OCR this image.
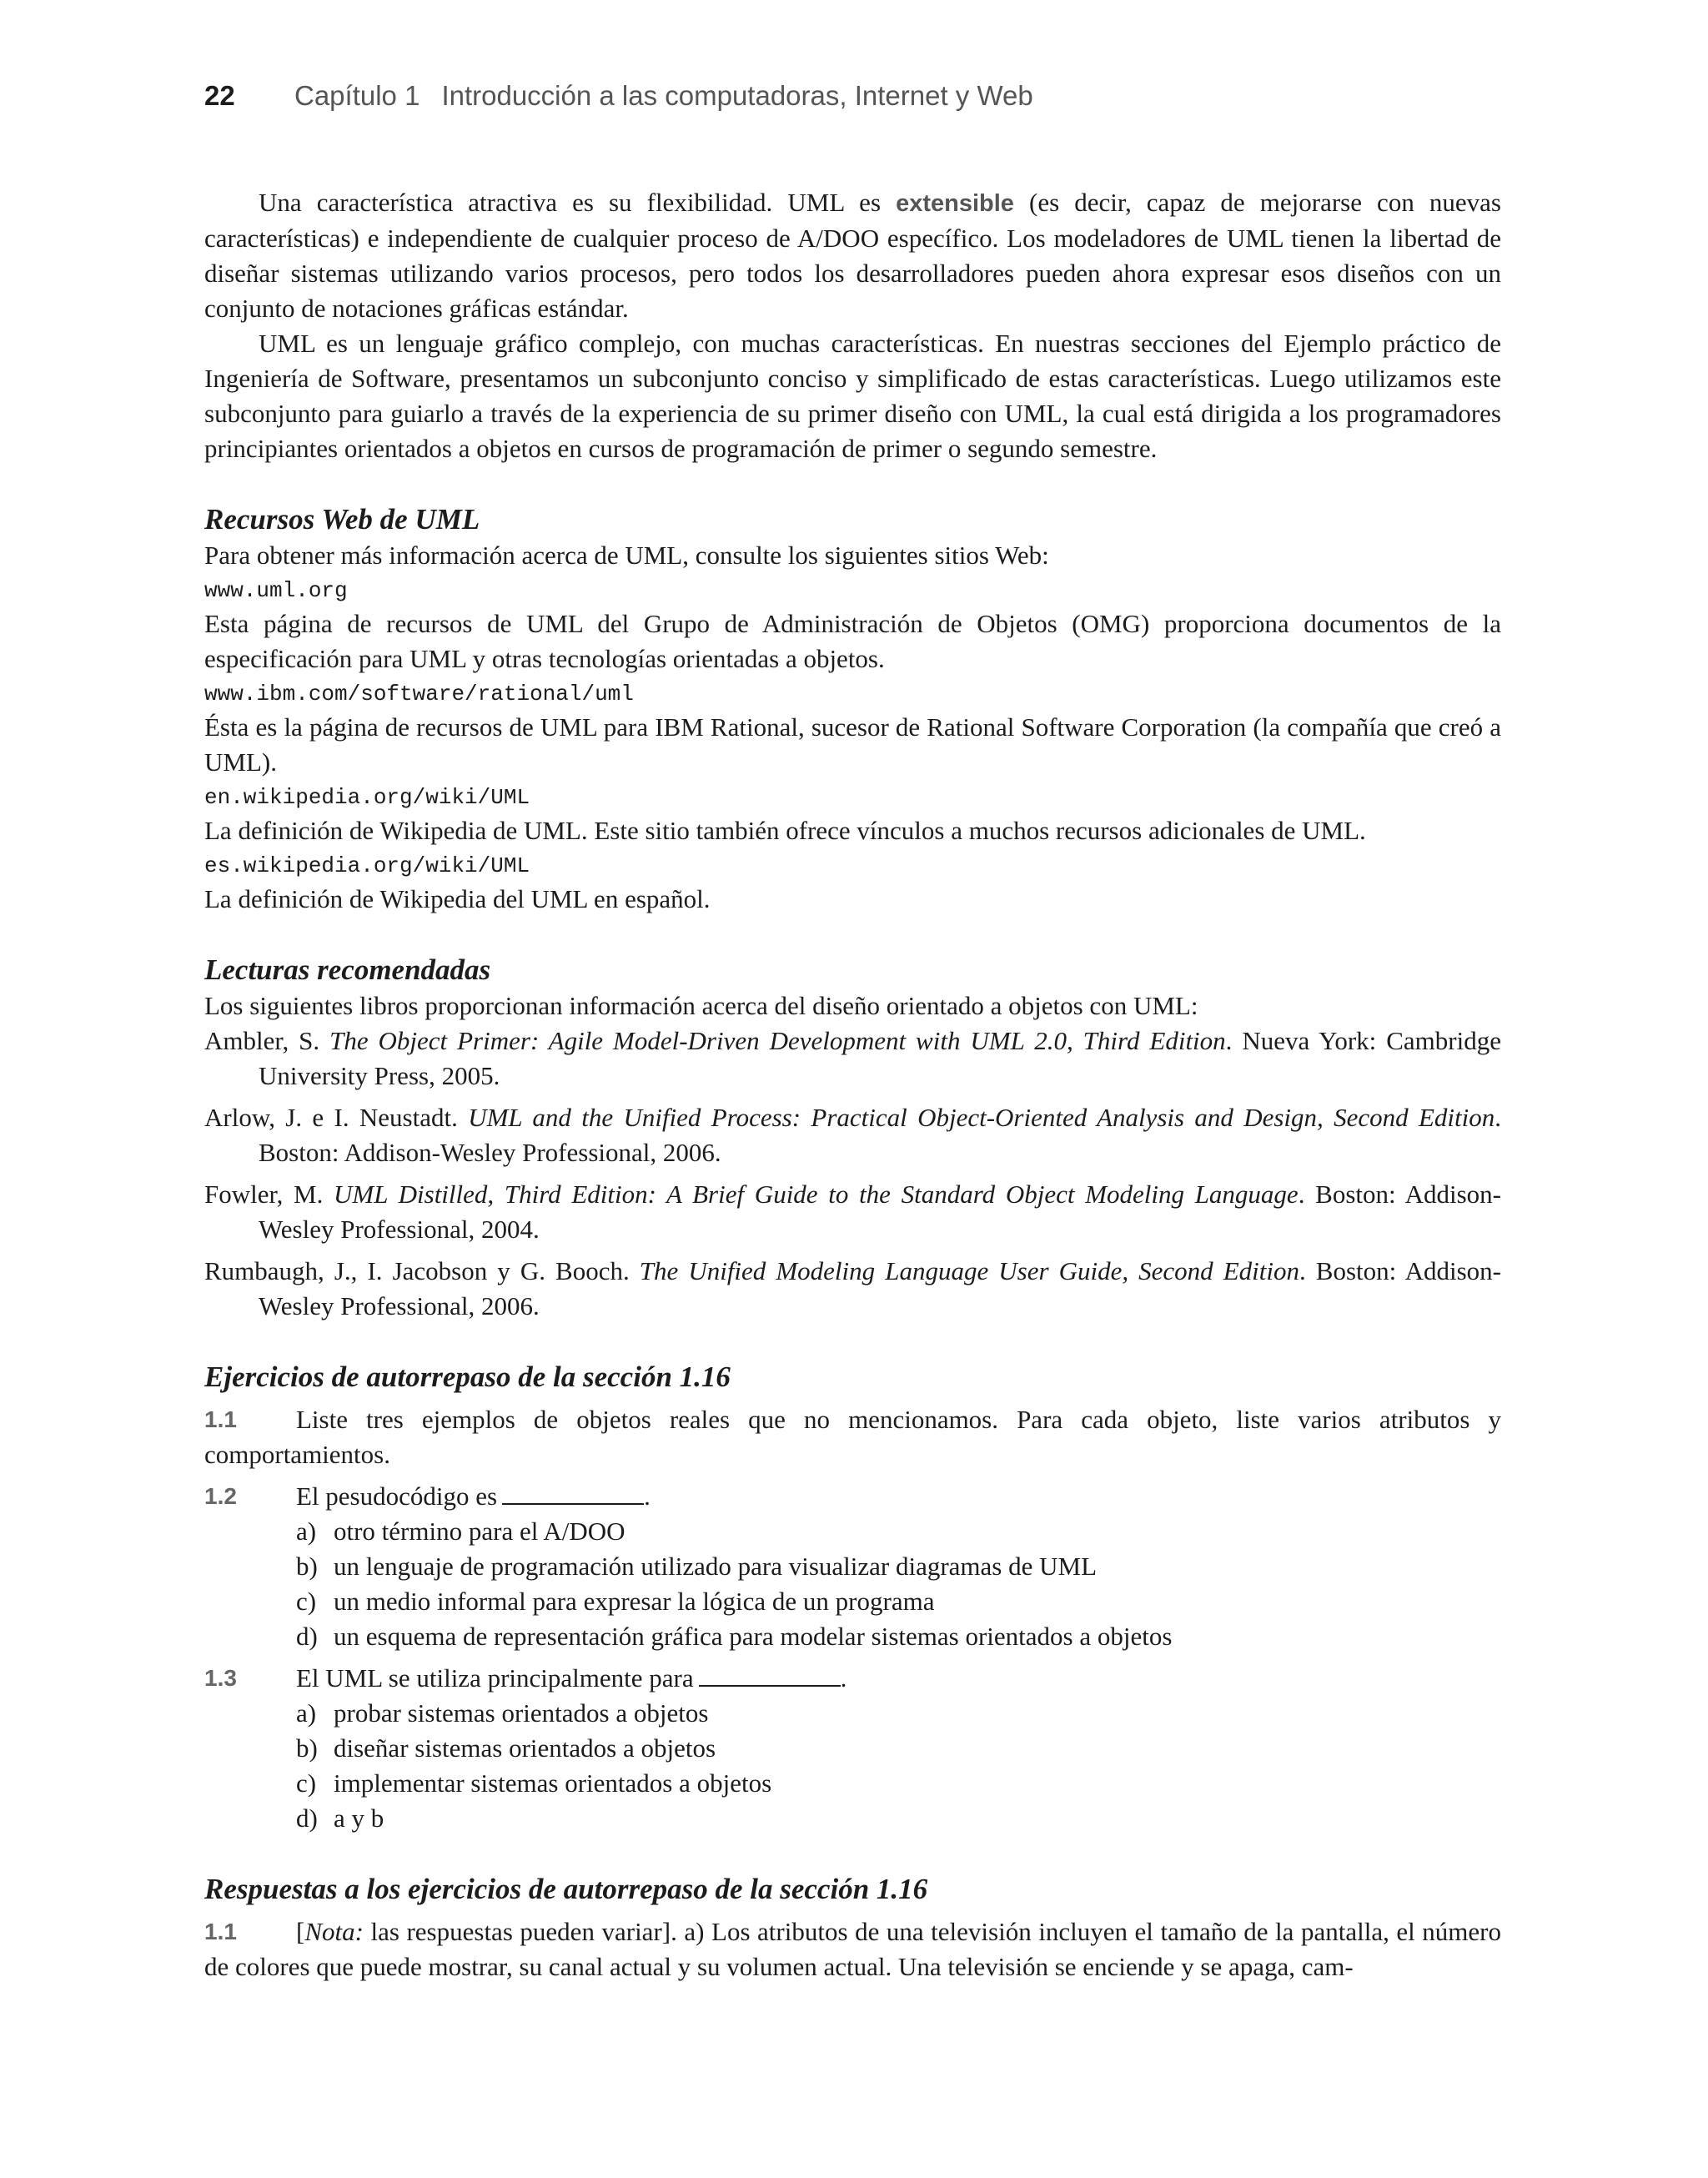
22	Capítulo 1 Introducción a las computadoras, Internet y Web

Una característica atractiva es su flexibilidad. UML es extensible (es decir, capaz de mejorarse con nuevas características) e independiente de cualquier proceso de A/DOO específico. Los modeladores de UML tienen la libertad de diseñar sistemas utilizando varios procesos, pero todos los desarrolladores pueden ahora expresar esos diseños con un conjunto de notaciones gráficas estándar.

UML es un lenguaje gráfico complejo, con muchas características. En nuestras secciones del Ejemplo práctico de Ingeniería de Software, presentamos un subconjunto conciso y simplificado de estas características. Luego utilizamos este subconjunto para guiarlo a través de la experiencia de su primer diseño con UML, la cual está dirigida a los programadores principiantes orientados a objetos en cursos de programación de primer o segundo semestre.

Recursos Web de UML

Para obtener más información acerca de UML, consulte los siguientes sitios Web:

www.uml.org

Esta página de recursos de UML del Grupo de Administración de Objetos (OMG) proporciona documentos de la especificación para UML y otras tecnologías orientadas a objetos.

www.ibm.com/software/rational/uml

Ésta es la página de recursos de UML para IBM Rational, sucesor de Rational Software Corporation (la compañía que creó a UML).

en.wikipedia.org/wiki/UML

La definición de Wikipedia de UML. Este sitio también ofrece vínculos a muchos recursos adicionales de UML.

es.wikipedia.org/wiki/UML

La definición de Wikipedia del UML en español.

Lecturas recomendadas

Los siguientes libros proporcionan información acerca del diseño orientado a objetos con UML:

Ambler, S. The Object Primer: Agile Model-Driven Development with UML 2.0, Third Edition. Nueva York: Cambridge University Press, 2005.

Arlow, J. e I. Neustadt. UML and the Unified Process: Practical Object-Oriented Analysis and Design, Second Edition. Boston: Addison-Wesley Professional, 2006.

Fowler, M. UML Distilled, Third Edition: A Brief Guide to the Standard Object Modeling Language. Boston: Addison-Wesley Professional, 2004.

Rumbaugh, J., I. Jacobson y G. Booch. The Unified Modeling Language User Guide, Second Edition. Boston: Addison-Wesley Professional, 2006.

Ejercicios de autorrepaso de la sección 1.16
1.1	Liste tres ejemplos de objetos reales que no mencionamos. Para cada objeto, liste varios atributos y comportamientos.

1.2	El pesudocódigo es	.

a) otro término para el A/DOO
b) un lenguaje de programación utilizado para visualizar diagramas de UML
c) un medio informal para expresar la lógica de un programa
d) un esquema de representación gráfica para modelar sistemas orientados a objetos
1.3	El UML se utiliza principalmente para	.

a) probar sistemas orientados a objetos
b) diseñar sistemas orientados a objetos
c) implementar sistemas orientados a objetos
d) a y b
Respuestas a los ejercicios de autorrepaso de la sección 1.16
1.1	[Nota: las respuestas pueden variar]. a) Los atributos de una televisión incluyen el tamaño de la pantalla, el número de colores que puede mostrar, su canal actual y su volumen actual. Una televisión se enciende y se apaga, cam-
